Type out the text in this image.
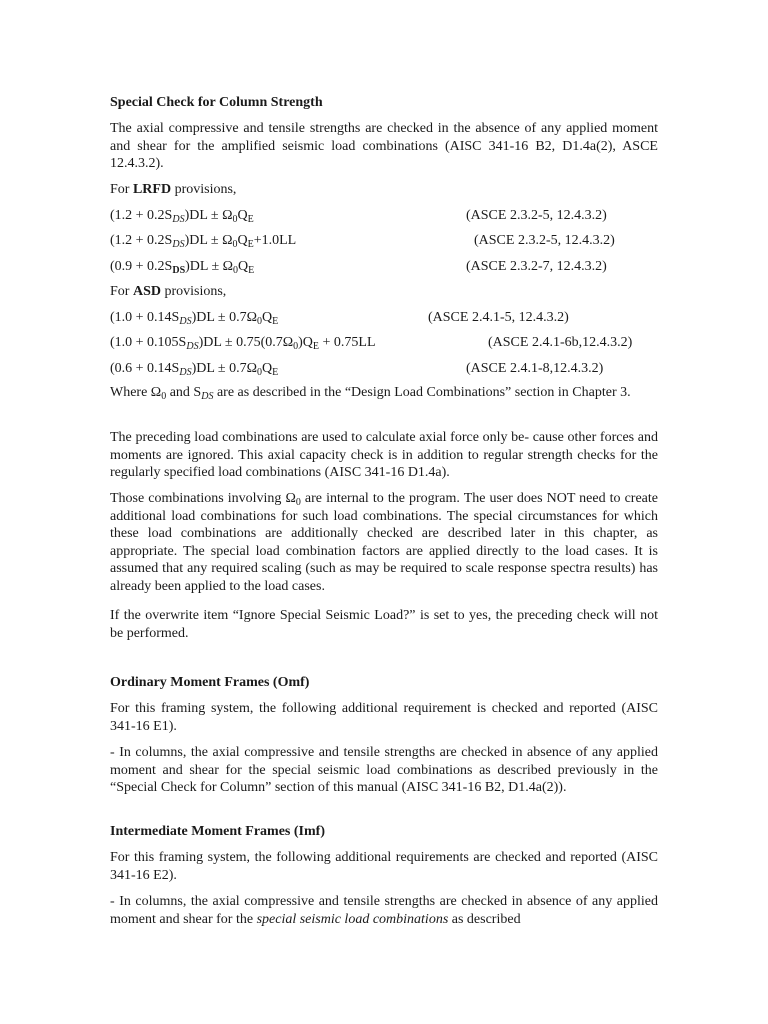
Special Check for Column Strength

The axial compressive and tensile strengths are checked in the absence of any applied moment and shear for the amplified seismic load combinations (AISC 341-16 B2, D1.4a(2), ASCE 12.4.3.2).

For LRFD provisions,
$(1.2 + 0.2S_{DS})DL \pm \Omega_0Q_E$	(ASCE 2.3.2-5, 12.4.3.2)
$(1.2 + 0.2S_{DS})DL \pm \Omega_0Q_E+1.0LL$	(ASCE 2.3.2-5, 12.4.3.2)
$(0.9 + 0.2S_{DS})DL \pm \Omega_0Q_E$	(ASCE 2.3.2-7, 12.4.3.2)
For ASD provisions,
$(1.0 + 0.14S_{DS})DL \pm 0.7\Omega_0Q_E$	(ASCE 2.4.1-5, 12.4.3.2)
$(1.0 + 0.105S_{DS})DL \pm 0.75(0.7\Omega_0)Q_E + 0.75LL$	(ASCE 2.4.1-6b,12.4.3.2)
$(0.6 + 0.14S_{DS})DL \pm 0.7\Omega_0Q_E$	(ASCE 2.4.1-8,12.4.3.2)

Where $\Omega_0$ and $S_{DS}$ are as described in the “Design Load Combinations” section in Chapter 3.

The preceding load combinations are used to calculate axial force only be- cause other forces and moments are ignored. This axial capacity check is in addition to regular strength checks for the regularly specified load combinations (AISC 341-16 D1.4a).

Those combinations involving $\Omega_0$ are internal to the program. The user does NOT need to create additional load combinations for such load combinations. The special circumstances for which these load combinations are additionally checked are described later in this chapter, as appropriate. The special load combination factors are applied directly to the load cases. It is assumed that any required scaling (such as may be required to scale response spectra results) has already been applied to the load cases.

If the overwrite item “Ignore Special Seismic Load?” is set to yes, the preceding check will not be performed.

Ordinary Moment Frames (Omf)

For this framing system, the following additional requirement is checked and reported (AISC 341-16 E1).

- In columns, the axial compressive and tensile strengths are checked in absence of any applied moment and shear for the special seismic load combinations as described previously in the “Special Check for Column” section of this manual (AISC 341-16 B2, D1.4a(2)).

Intermediate Moment Frames (Imf)

For this framing system, the following additional requirements are checked and reported (AISC 341-16 E2).

- In columns, the axial compressive and tensile strengths are checked in absence of any applied moment and shear for the special seismic load combinations as described
